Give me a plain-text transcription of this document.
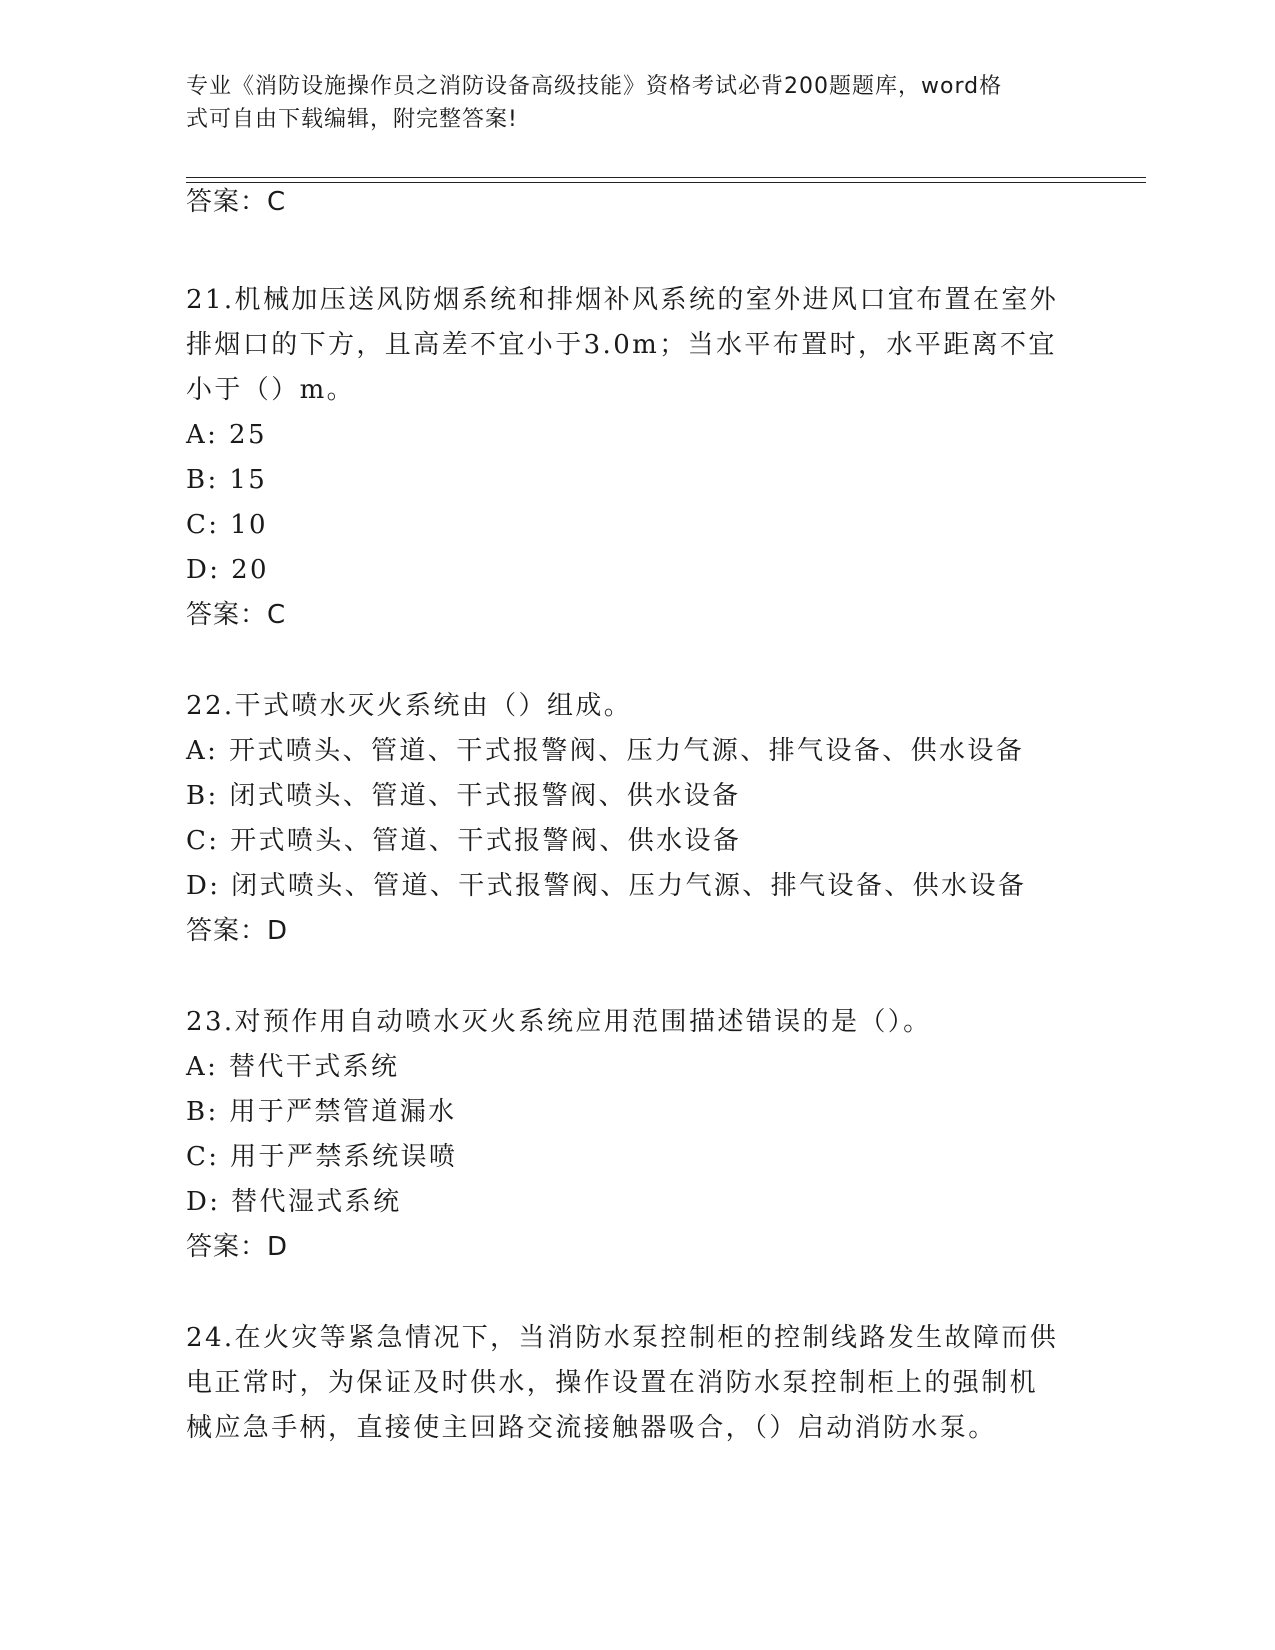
专业《消防设施操作员之消防设备高级技能》资格考试必背200题题库，word格
式可自由下载编辑，附完整答案!
答案：C
21.机械加压送风防烟系统和排烟补风系统的室外进风口宜布置在室外
排烟口的下方，且高差不宜小于3.0m；当水平布置时，水平距离不宜
小于（）m。
A: 25
B: 15
C: 10
D: 20
答案：C
22.干式喷水灭火系统由（）组成。
A: 开式喷头、管道、干式报警阀、压力气源、排气设备、供水设备
B: 闭式喷头、管道、干式报警阀、供水设备
C: 开式喷头、管道、干式报警阀、供水设备
D: 闭式喷头、管道、干式报警阀、压力气源、排气设备、供水设备
答案：D
23.对预作用自动喷水灭火系统应用范围描述错误的是（）。
A: 替代干式系统
B: 用于严禁管道漏水
C: 用于严禁系统误喷
D: 替代湿式系统
答案：D
24.在火灾等紧急情况下，当消防水泵控制柜的控制线路发生故障而供
电正常时，为保证及时供水，操作设置在消防水泵控制柜上的强制机
械应急手柄，直接使主回路交流接触器吸合，（）启动消防水泵。
